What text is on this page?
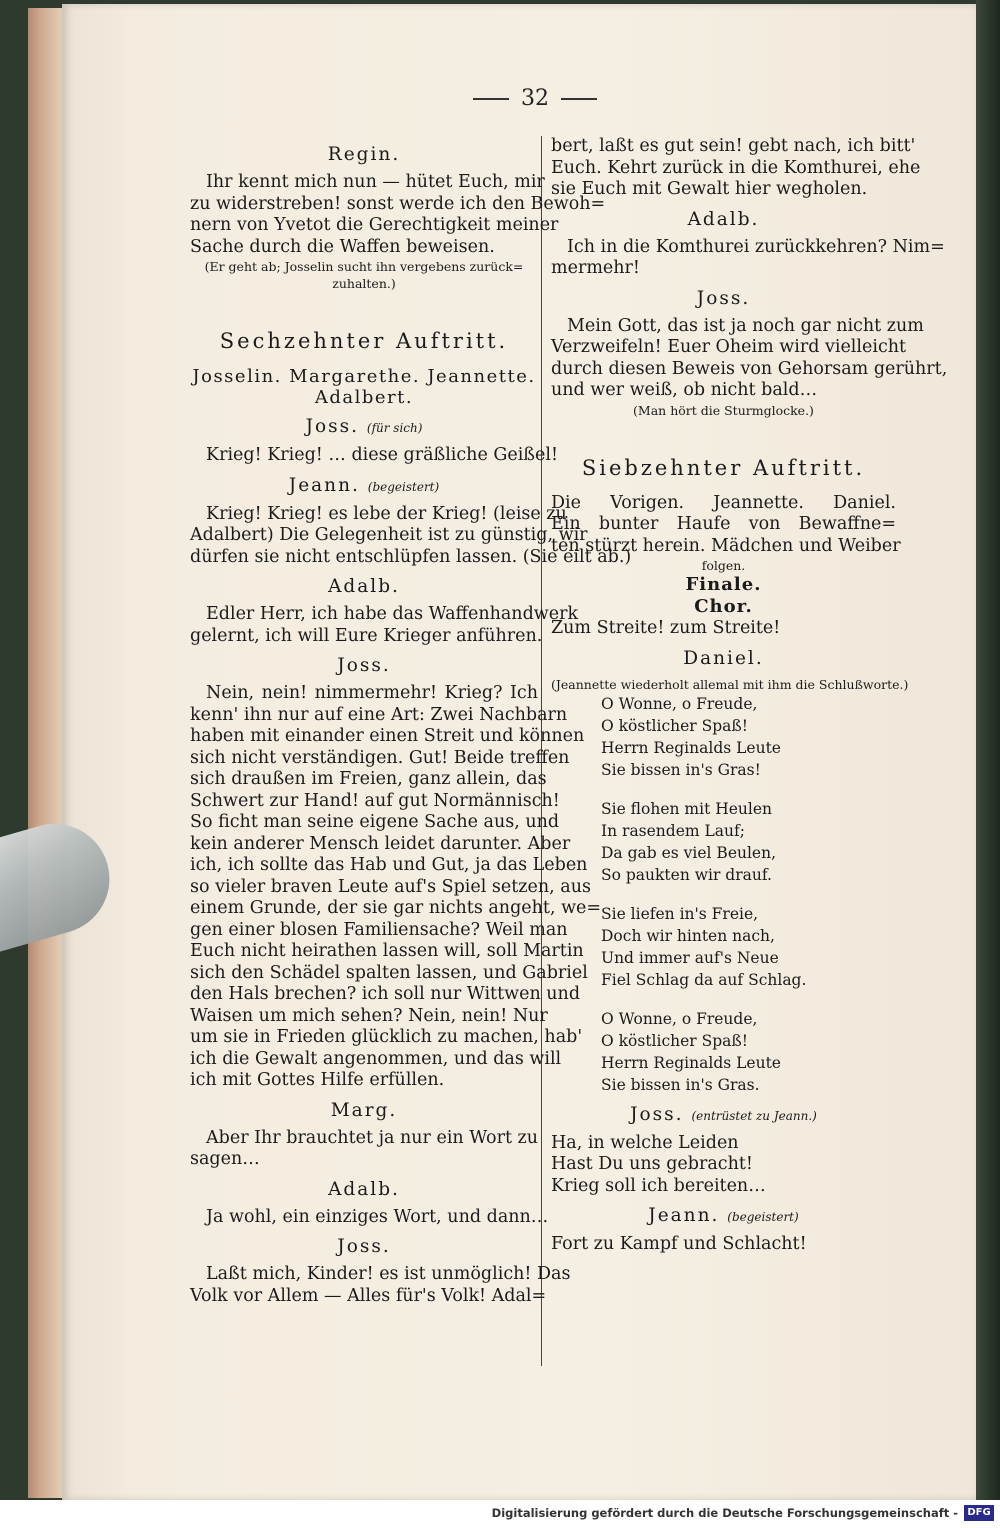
32
Regin.
Ihr kennt mich nun — hütet Euch, mir
zu widerstreben! sonst werde ich den Bewoh=
nern von Yvetot die Gerechtigkeit meiner
Sache durch die Waffen beweisen.
(Er geht ab; Josselin sucht ihn vergebens zurück=
zuhalten.)
Sechzehnter Auftritt.
Josselin. Margarethe. Jeannette.
Adalbert.
Joss. (für sich)
Krieg! Krieg! … diese gräßliche Geißel!
Jeann. (begeistert)
Krieg! Krieg! es lebe der Krieg! (leise zu
Adalbert) Die Gelegenheit ist zu günstig, wir
dürfen sie nicht entschlüpfen lassen. (Sie eilt ab.)
Adalb.
Edler Herr, ich habe das Waffenhandwerk
gelernt, ich will Eure Krieger anführen.
Joss.
Nein, nein! nimmermehr! Krieg? Ich
kenn' ihn nur auf eine Art: Zwei Nachbarn
haben mit einander einen Streit und können
sich nicht verständigen. Gut! Beide treffen
sich draußen im Freien, ganz allein, das
Schwert zur Hand! auf gut Normännisch!
So ficht man seine eigene Sache aus, und
kein anderer Mensch leidet darunter. Aber
ich, ich sollte das Hab und Gut, ja das Leben
so vieler braven Leute auf's Spiel setzen, aus
einem Grunde, der sie gar nichts angeht, we=
gen einer blosen Familiensache? Weil man
Euch nicht heirathen lassen will, soll Martin
sich den Schädel spalten lassen, und Gabriel
den Hals brechen? ich soll nur Wittwen und
Waisen um mich sehen? Nein, nein! Nur
um sie in Frieden glücklich zu machen, hab'
ich die Gewalt angenommen, und das will
ich mit Gottes Hilfe erfüllen.
Marg.
Aber Ihr brauchtet ja nur ein Wort zu
sagen…
Adalb.
Ja wohl, ein einziges Wort, und dann…
Joss.
Laßt mich, Kinder! es ist unmöglich! Das
Volk vor Allem — Alles für's Volk! Adal=
bert, laßt es gut sein! gebt nach, ich bitt'
Euch. Kehrt zurück in die Komthurei, ehe
sie Euch mit Gewalt hier wegholen.
Adalb.
Ich in die Komthurei zurückkehren? Nim=
mermehr!
Joss.
Mein Gott, das ist ja noch gar nicht zum
Verzweifeln! Euer Oheim wird vielleicht
durch diesen Beweis von Gehorsam gerührt,
und wer weiß, ob nicht bald…
(Man hört die Sturmglocke.)
Siebzehnter Auftritt.
Die Vorigen. Jeannette. Daniel.
Ein bunter Haufe von Bewaffne=
ten stürzt herein. Mädchen und Weiber
folgen.
Finale.
Chor.
Zum Streite! zum Streite!
Daniel.
(Jeannette wiederholt allemal mit ihm die Schlußworte.)
O Wonne, o Freude,
O köstlicher Spaß!
Herrn Reginalds Leute
Sie bissen in's Gras!
Sie flohen mit Heulen
In rasendem Lauf;
Da gab es viel Beulen,
So paukten wir drauf.
Sie liefen in's Freie,
Doch wir hinten nach,
Und immer auf's Neue
Fiel Schlag da auf Schlag.
O Wonne, o Freude,
O köstlicher Spaß!
Herrn Reginalds Leute
Sie bissen in's Gras.
Joss. (entrüstet zu Jeann.)
Ha, in welche Leiden
Hast Du uns gebracht!
Krieg soll ich bereiten…
Jeann. (begeistert)
Fort zu Kampf und Schlacht!
Digitalisierung gefördert durch die Deutsche Forschungsgemeinschaft - DFG
